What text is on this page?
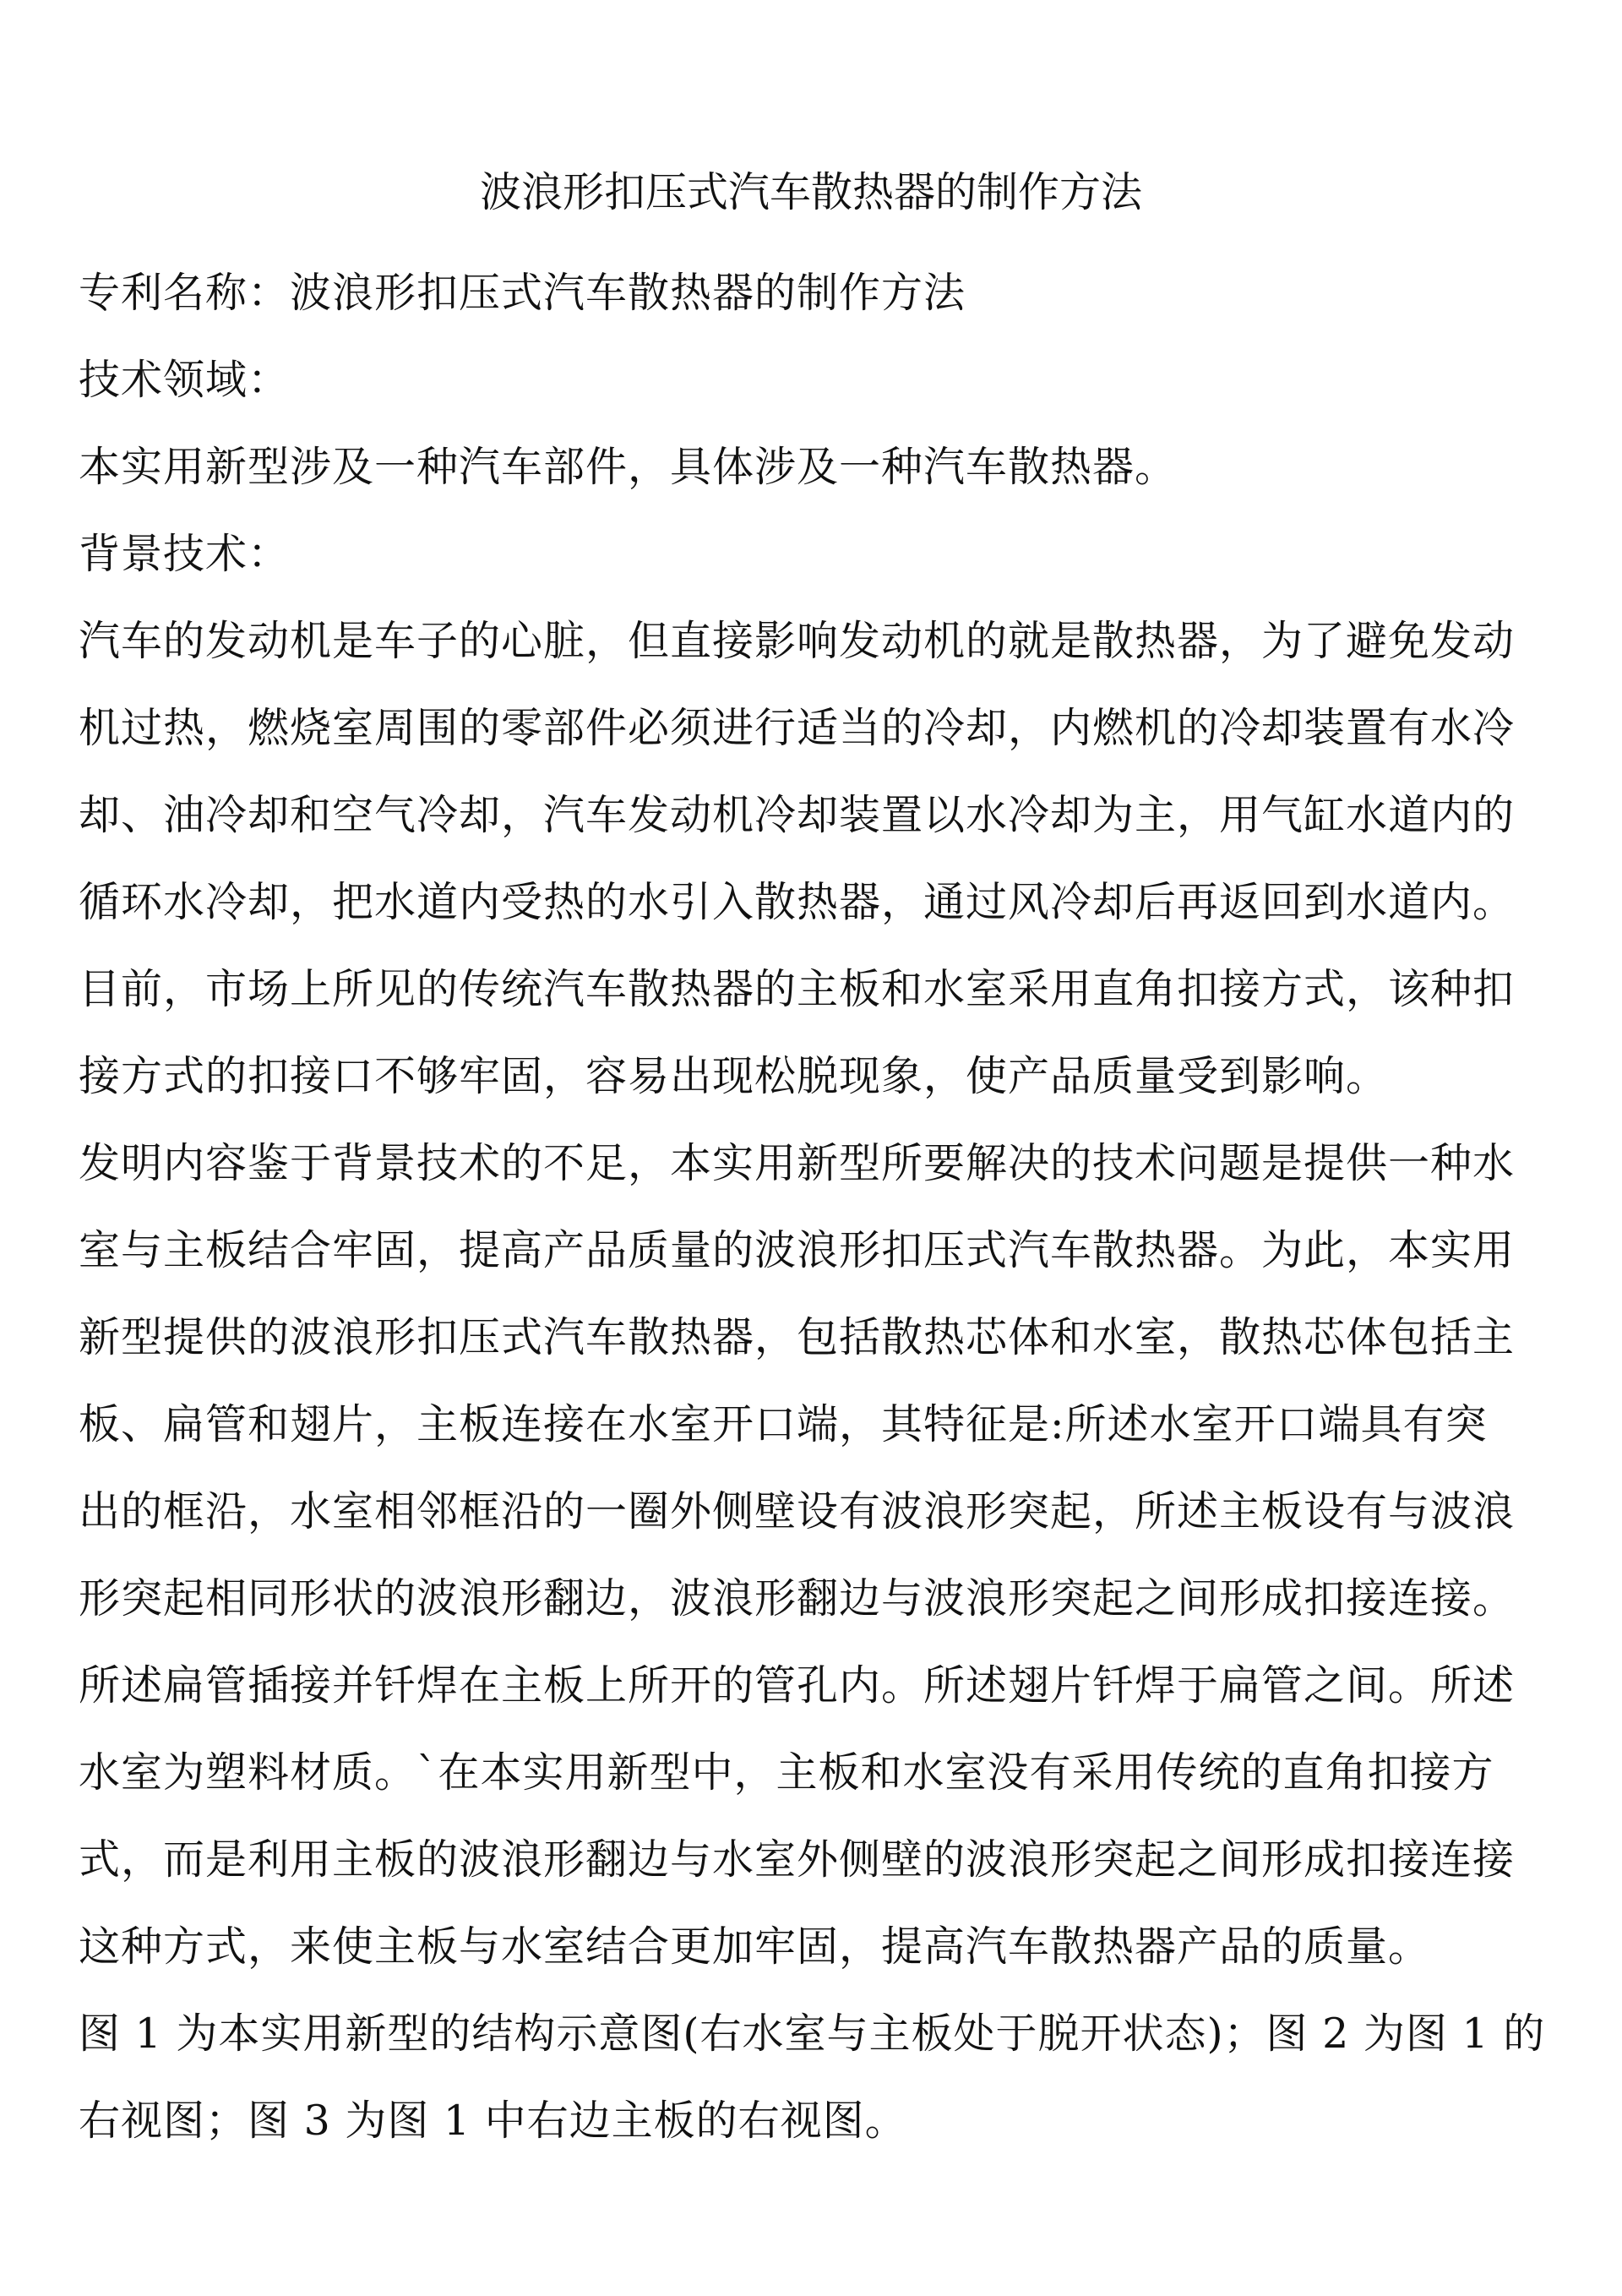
波浪形扣压式汽车散热器的制作方法
专利名称：波浪形扣压式汽车散热器的制作方法
技术领域：
本实用新型涉及一种汽车部件，具体涉及一种汽车散热器。
背景技术：
汽车的发动机是车子的心脏，但直接影响发动机的就是散热器，为了避免发动
机过热，燃烧室周围的零部件必须进行适当的冷却，内燃机的冷却装置有水冷
却、油冷却和空气冷却，汽车发动机冷却装置以水冷却为主，用气缸水道内的
循环水冷却，把水道内受热的水引入散热器，通过风冷却后再返回到水道内。
目前，市场上所见的传统汽车散热器的主板和水室采用直角扣接方式，该种扣
接方式的扣接口不够牢固，容易出现松脱现象，使产品质量受到影响。
发明内容鉴于背景技术的不足，本实用新型所要解决的技术问题是提供一种水
室与主板结合牢固，提高产品质量的波浪形扣压式汽车散热器。为此，本实用
新型提供的波浪形扣压式汽车散热器，包括散热芯体和水室，散热芯体包括主
板、扁管和翅片，主板连接在水室开口端，其特征是:所述水室开口端具有突
出的框沿，水室相邻框沿的一圈外侧壁设有波浪形突起，所述主板设有与波浪
形突起相同形状的波浪形翻边，波浪形翻边与波浪形突起之间形成扣接连接。
所述扁管插接并钎焊在主板上所开的管孔内。所述翅片钎焊于扁管之间。所述
水室为塑料材质。`在本实用新型中，主板和水室没有采用传统的直角扣接方
式，而是利用主板的波浪形翻边与水室外侧壁的波浪形突起之间形成扣接连接
这种方式，来使主板与水室结合更加牢固，提高汽车散热器产品的质量。
图 1 为本实用新型的结构示意图(右水室与主板处于脱开状态)；图 2 为图 1 的
右视图；图 3 为图 1 中右边主板的右视图。
